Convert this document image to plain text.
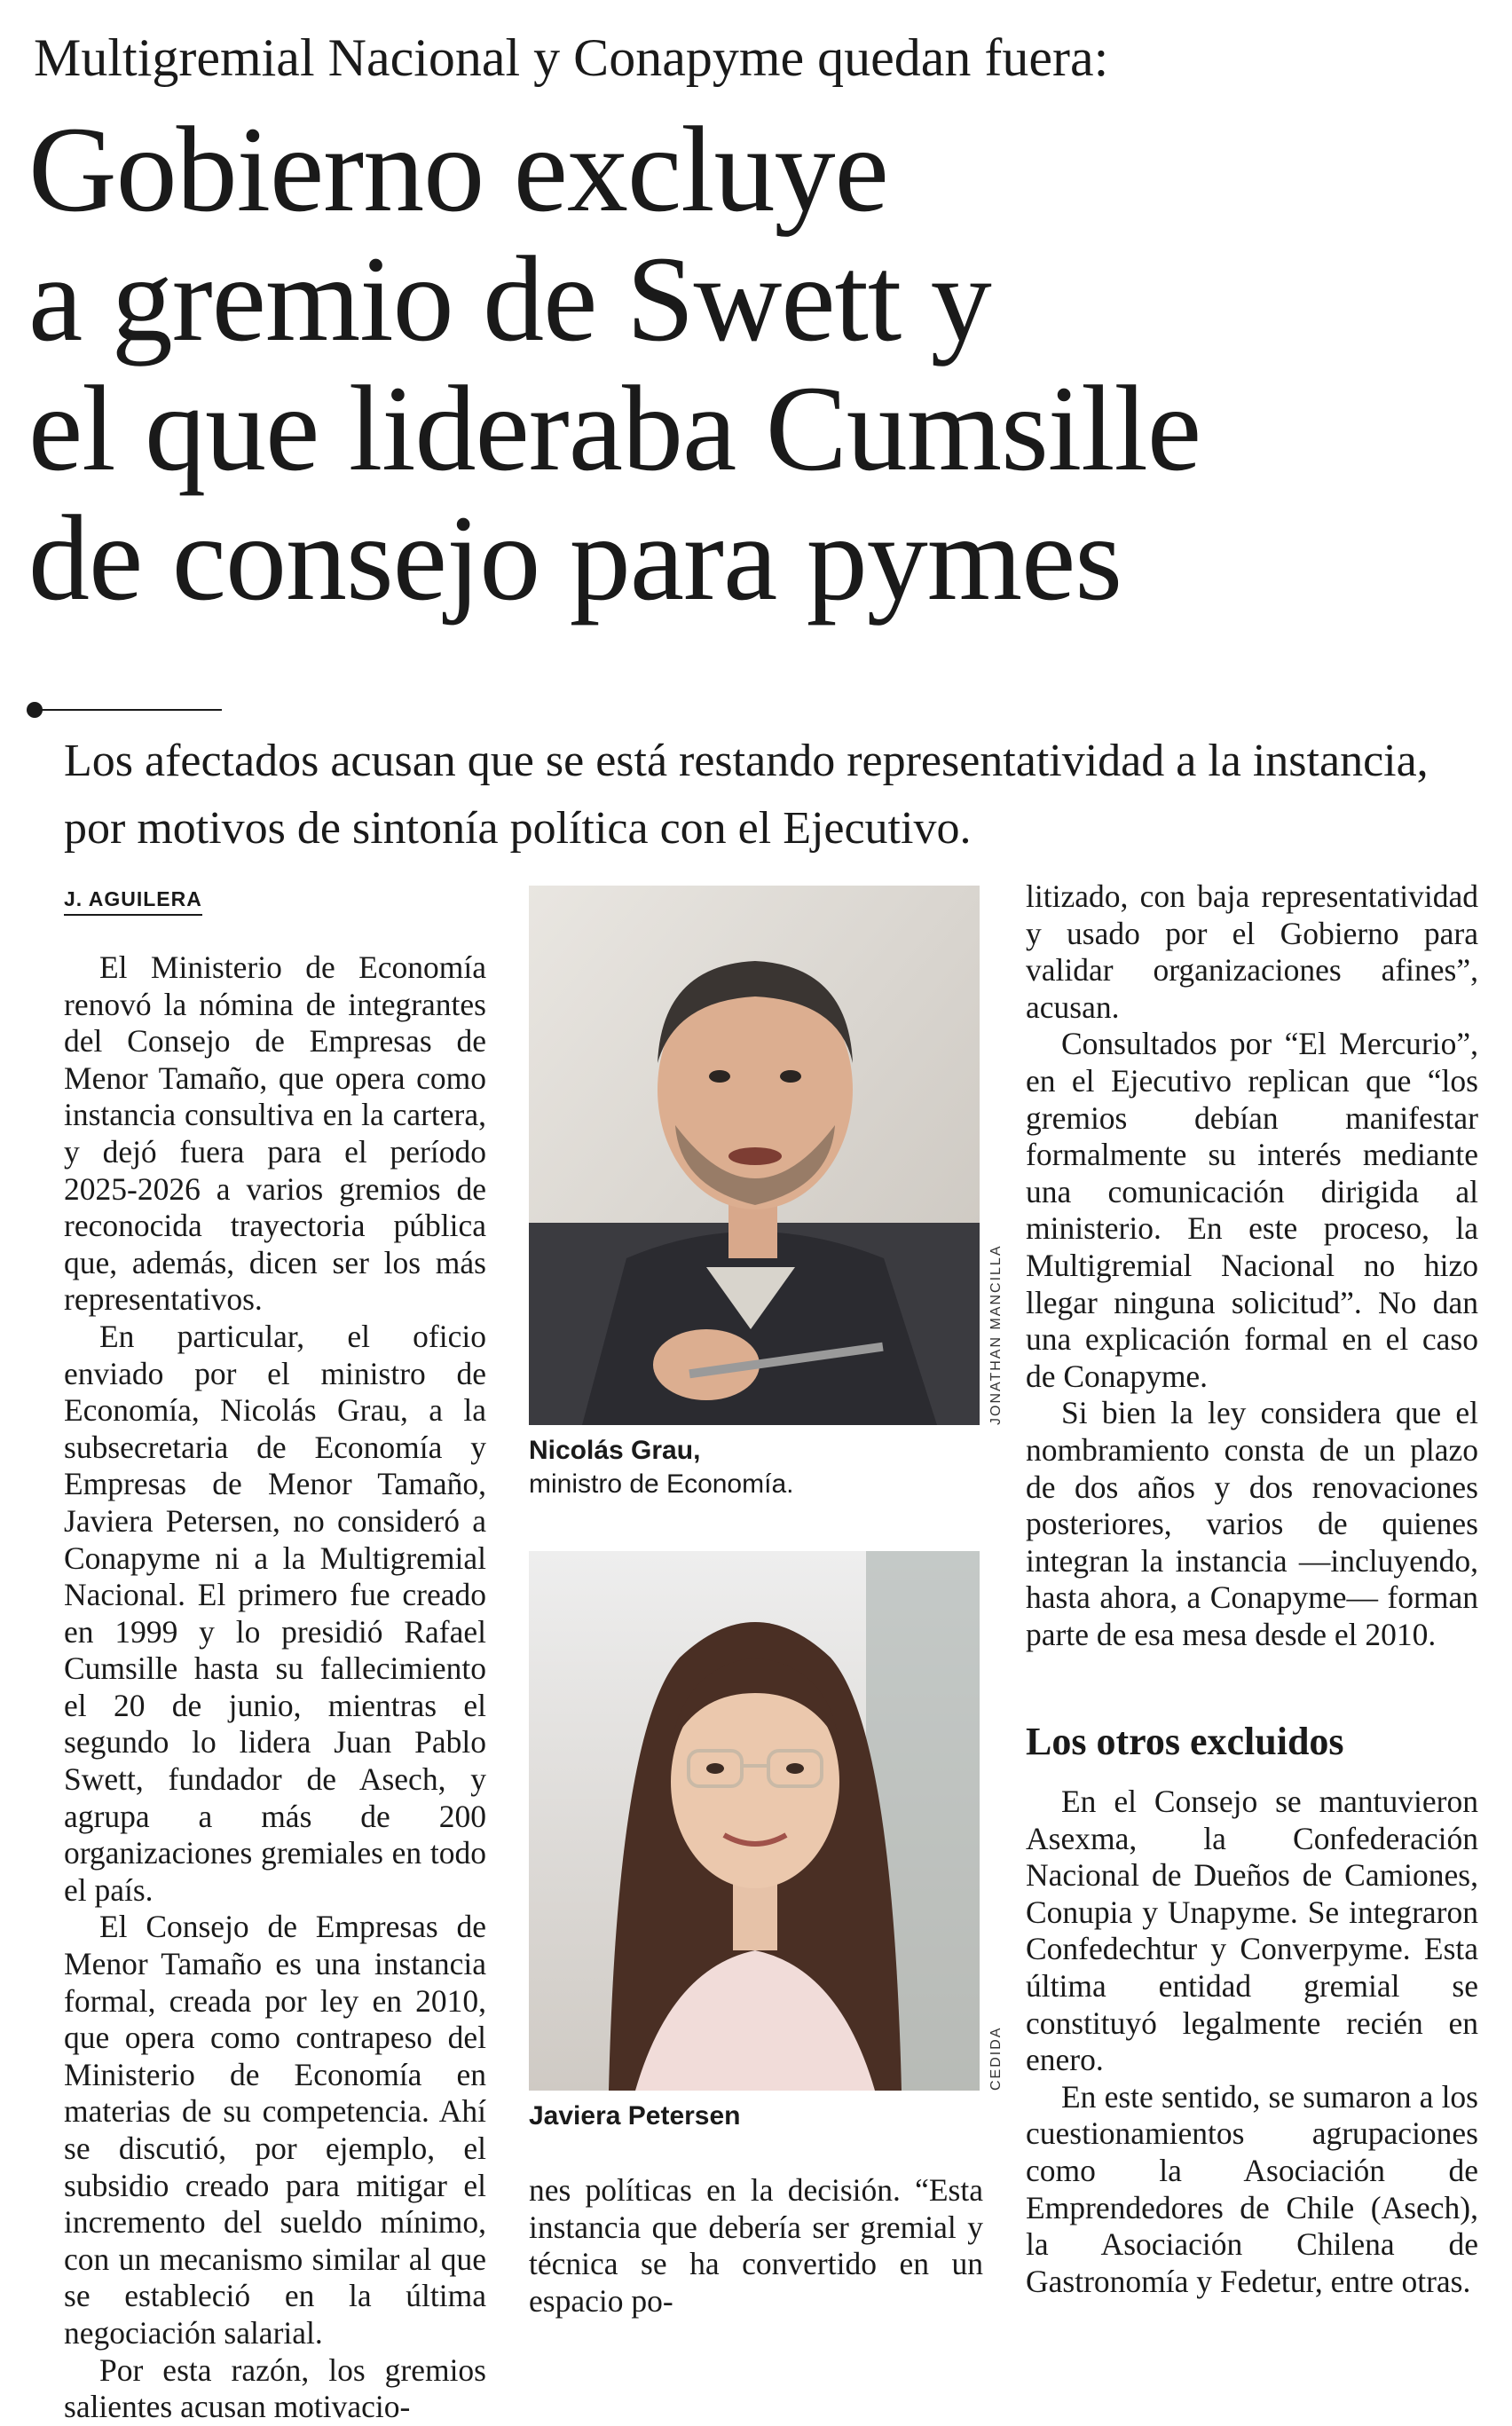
Multigremial Nacional y Conapyme quedan fuera:
Gobierno excluye
a gremio de Swett y
el que lideraba Cumsille
de consejo para pymes
Los afectados acusan que se está restando representatividad a la instancia, por motivos de sintonía política con el Ejecutivo.
J. AGUILERA

El Ministerio de Economía renovó la nómina de integrantes del Consejo de Empresas de Menor Tamaño, que opera como instancia consultiva en la cartera, y dejó fuera para el período 2025-2026 a varios gremios de reconocida trayectoria pública que, además, dicen ser los más representativos.

En particular, el oficio enviado por el ministro de Economía, Nicolás Grau, a la subsecretaria de Economía y Empresas de Menor Tamaño, Javiera Petersen, no consideró a Conapyme ni a la Multigremial Nacional. El primero fue creado en 1999 y lo presidió Rafael Cumsille hasta su fallecimiento el 20 de junio, mientras el segundo lo lidera Juan Pablo Swett, fundador de Asech, y agrupa a más de 200 organizaciones gremiales en todo el país.

El Consejo de Empresas de Menor Tamaño es una instancia formal, creada por ley en 2010, que opera como contrapeso del Ministerio de Economía en materias de su competencia. Ahí se discutió, por ejemplo, el subsidio creado para mitigar el incremento del sueldo mínimo, con un mecanismo similar al que se estableció en la última negociación salarial.

Por esta razón, los gremios salientes acusan motivacio-

JONATHAN MANCILLA
Nicolás Grau,
ministro de Economía.
CEDIDA
Javiera Petersen

nes políticas en la decisión. “Esta instancia que debería ser gremial y técnica se ha convertido en un espacio po-

litizado, con baja representatividad y usado por el Gobierno para validar organizaciones afines”, acusan.

Consultados por “El Mercurio”, en el Ejecutivo replican que “los gremios debían manifestar formalmente su interés mediante una comunicación dirigida al ministerio. En este proceso, la Multigremial Nacional no hizo llegar ninguna solicitud”. No dan una explicación formal en el caso de Conapyme.

Si bien la ley considera que el nombramiento consta de un plazo de dos años y dos renovaciones posteriores, varios de quienes integran la instancia —incluyendo, hasta ahora, a Conapyme— forman parte de esa mesa desde el 2010.

Los otros excluidos

En el Consejo se mantuvieron Asexma, la Confederación Nacional de Dueños de Camiones, Conupia y Unapyme. Se integraron Confedechtur y Converpyme. Esta última entidad gremial se constituyó legalmente recién en enero.

En este sentido, se sumaron a los cuestionamientos agrupaciones como la Asociación de Emprendedores de Chile (Asech), la Asociación Chilena de Gastronomía y Fedetur, entre otras.
